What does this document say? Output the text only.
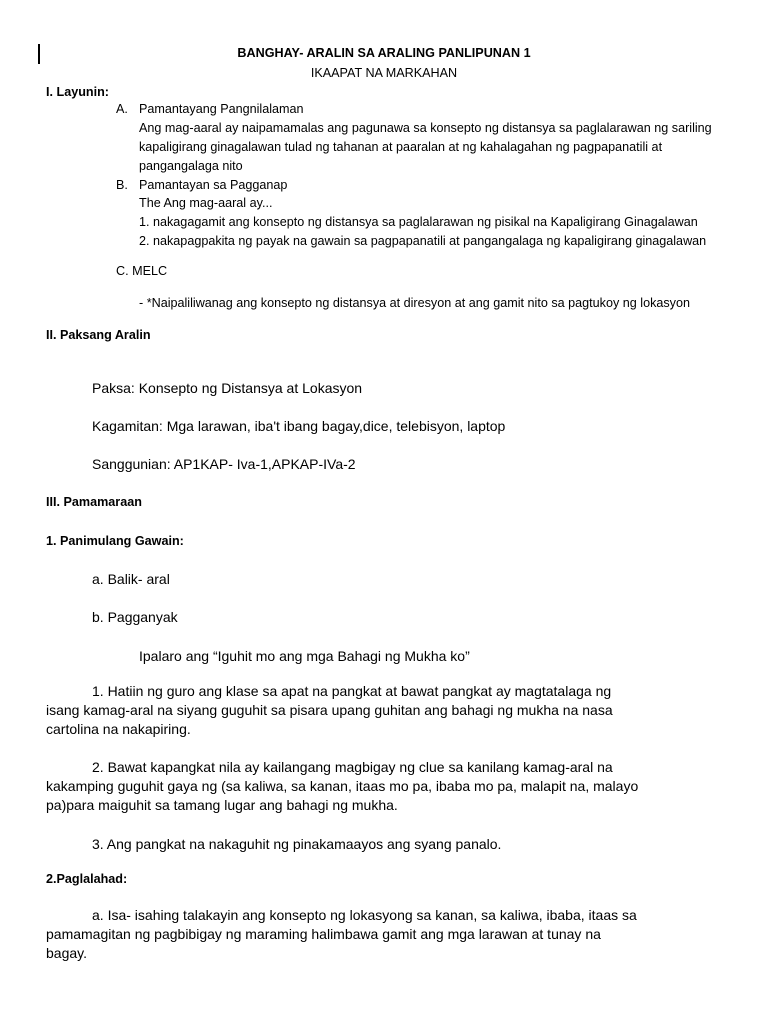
BANGHAY- ARALIN SA ARALING PANLIPUNAN 1

IKAAPAT NA MARKAHAN

I. Layunin:

A. Pamantayang Pangnilalaman

Ang mag-aaral ay naipamamalas ang pagunawa sa konsepto ng distansya sa paglalarawan ng sariling

kapaligirang ginagalawan tulad ng tahanan at paaralan at ng kahalagahan ng pagpapanatili at

pangangalaga nito

B. Pamantayan sa Pagganap

The Ang mag-aaral ay...

1. nakagagamit ang konsepto ng distansya sa paglalarawan ng pisikal na Kapaligirang Ginagalawan

2. nakapagpakita ng payak na gawain sa pagpapanatili at pangangalaga ng kapaligirang ginagalawan

C. MELC

- *Naipaliliwanag ang konsepto ng distansya at diresyon at ang gamit nito sa pagtukoy ng lokasyon

II. Paksang Aralin

Paksa: Konsepto ng Distansya at Lokasyon

Kagamitan: Mga larawan, iba't ibang bagay,dice, telebisyon, laptop

Sanggunian: AP1KAP- Iva-1,APKAP-IVa-2

III. Pamamaraan

1. Panimulang Gawain:

a. Balik- aral

b. Pagganyak

Ipalaro ang “Iguhit mo ang mga Bahagi ng Mukha ko”

1. Hatiin ng guro ang klase sa apat na pangkat at bawat pangkat ay magtatalaga ng

isang kamag-aral na siyang guguhit sa pisara upang guhitan ang bahagi ng mukha na nasa

cartolina na nakapiring.

2. Bawat kapangkat nila ay kailangang magbigay ng clue sa kanilang kamag-aral na

kakamping guguhit gaya ng (sa kaliwa, sa kanan, itaas mo pa, ibaba mo pa, malapit na, malayo

pa)para maiguhit sa tamang lugar ang bahagi ng mukha.

3. Ang pangkat na nakaguhit ng pinakamaayos ang syang panalo.

2.Paglalahad:

a. Isa- isahing talakayin ang konsepto ng lokasyong sa kanan, sa kaliwa, ibaba, itaas sa

pamamagitan ng pagbibigay ng maraming halimbawa gamit ang mga larawan at tunay na

bagay.
